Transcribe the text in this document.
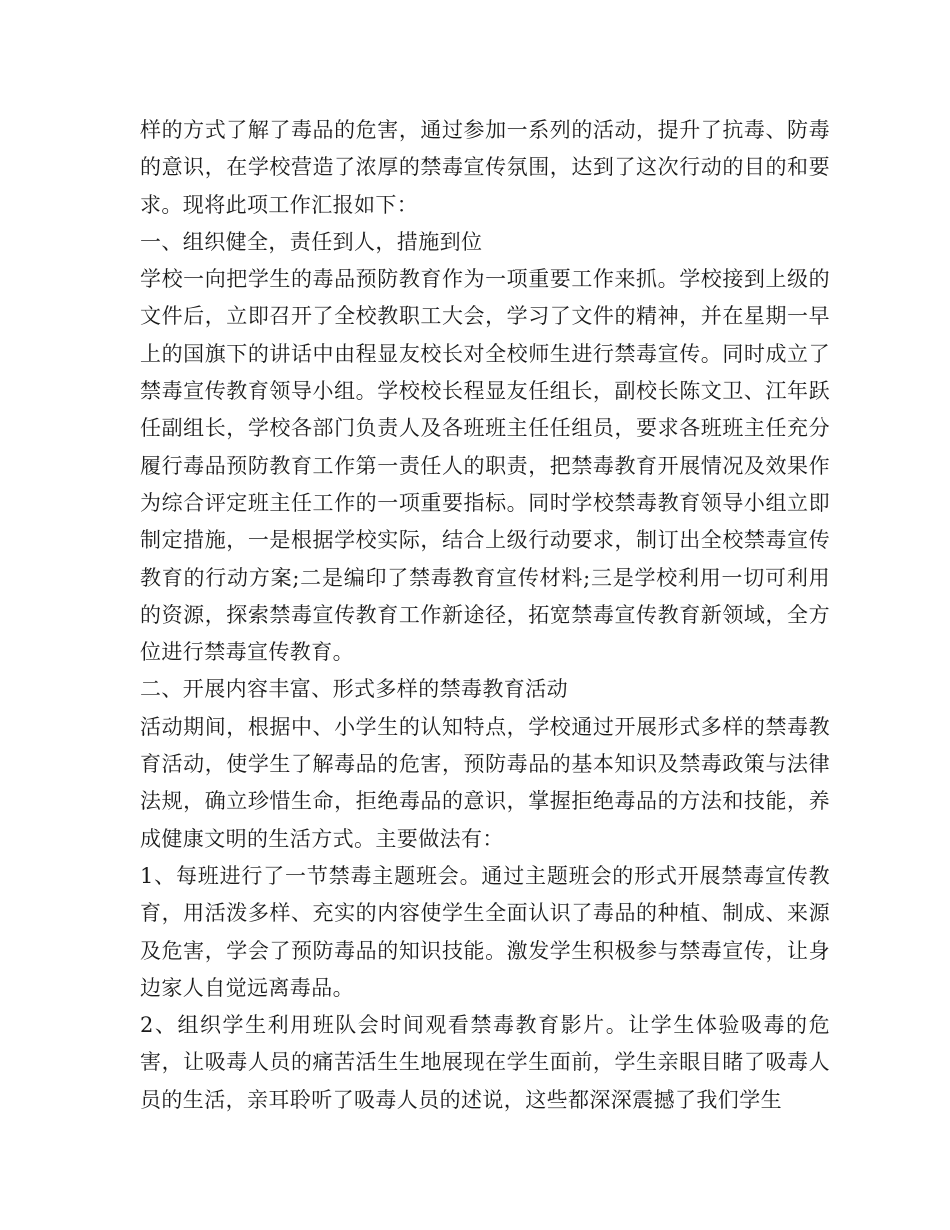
样的方式了解了毒品的危害，通过参加一系列的活动，提升了抗毒、防毒的意识，在学校营造了浓厚的禁毒宣传氛围，达到了这次行动的目的和要求。现将此项工作汇报如下：

一、组织健全，责任到人，措施到位

学校一向把学生的毒品预防教育作为一项重要工作来抓。学校接到上级的文件后，立即召开了全校教职工大会，学习了文件的精神，并在星期一早上的国旗下的讲话中由程显友校长对全校师生进行禁毒宣传。同时成立了禁毒宣传教育领导小组。学校校长程显友任组长，副校长陈文卫、江年跃任副组长，学校各部门负责人及各班班主任任组员，要求各班班主任充分履行毒品预防教育工作第一责任人的职责，把禁毒教育开展情况及效果作为综合评定班主任工作的一项重要指标。同时学校禁毒教育领导小组立即制定措施，一是根据学校实际，结合上级行动要求，制订出全校禁毒宣传教育的行动方案;二是编印了禁毒教育宣传材料;三是学校利用一切可利用的资源，探索禁毒宣传教育工作新途径，拓宽禁毒宣传教育新领域，全方位进行禁毒宣传教育。

二、开展内容丰富、形式多样的禁毒教育活动

活动期间，根据中、小学生的认知特点，学校通过开展形式多样的禁毒教育活动，使学生了解毒品的危害，预防毒品的基本知识及禁毒政策与法律法规，确立珍惜生命，拒绝毒品的意识，掌握拒绝毒品的方法和技能，养成健康文明的生活方式。主要做法有：

1、每班进行了一节禁毒主题班会。通过主题班会的形式开展禁毒宣传教育，用活泼多样、充实的内容使学生全面认识了毒品的种植、制成、来源及危害，学会了预防毒品的知识技能。激发学生积极参与禁毒宣传，让身边家人自觉远离毒品。

2、组织学生利用班队会时间观看禁毒教育影片。让学生体验吸毒的危害，让吸毒人员的痛苦活生生地展现在学生面前，学生亲眼目睹了吸毒人员的生活，亲耳聆听了吸毒人员的述说，这些都深深震撼了我们学生
